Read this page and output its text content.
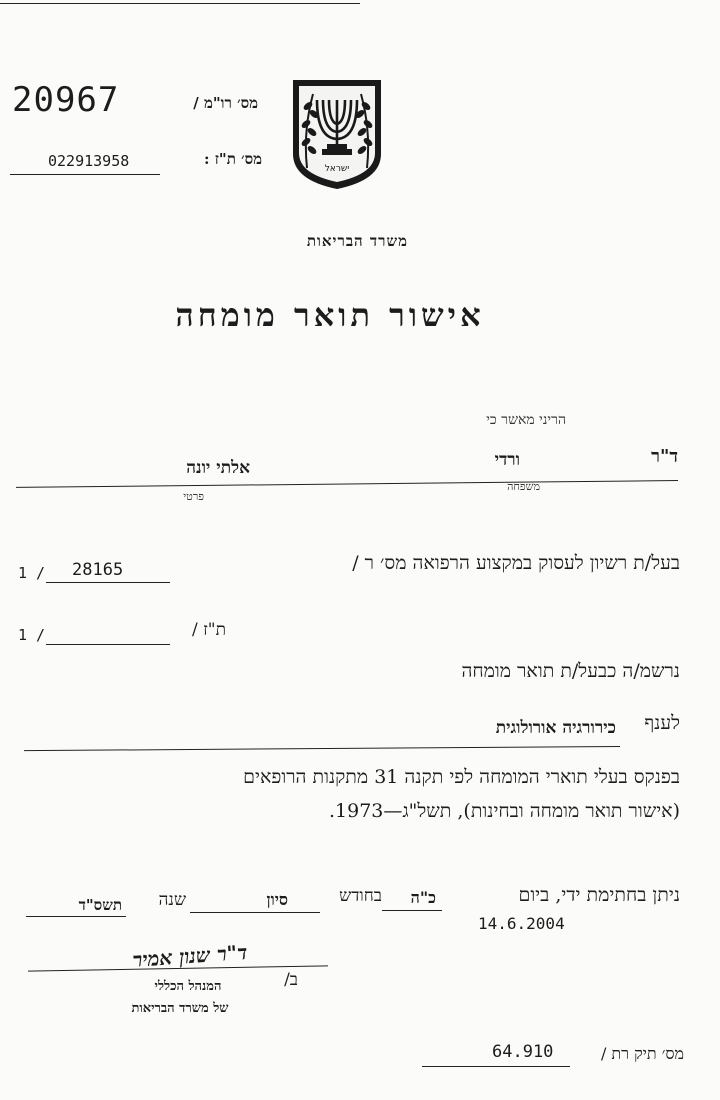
20967	מס׳ רו"מ /
022913958	מס׳ ת"ז :
ישראל
משרד הבריאות
אישור תואר מומחה
הריני מאשר כי
ד"ר
ורדי
אלתי יונה
משפחה
פרטי
בעל/ת רשיון לעסוק במקצוע הרפואה מס׳ ר /
28165
1 /
ת"ז /
1 /
נרשמ/ה כבעל/ת תואר מומחה
לענף
כירורגיה אורולוגית
בפנקס בעלי תוארי המומחה לפי תקנה 31 מתקנות הרופאים
(אישור תואר מומחה ובחינות), תשל"ג—1973.
ניתן בחתימת ידי, ביום
כ"ה
בחודש
סיון
שנה
תשס"ד
14.6.2004
ד"ר שנון אמיר
ב/
המנהל הכללי
של משרד הבריאות
מס׳ תיק רת /
64.910
